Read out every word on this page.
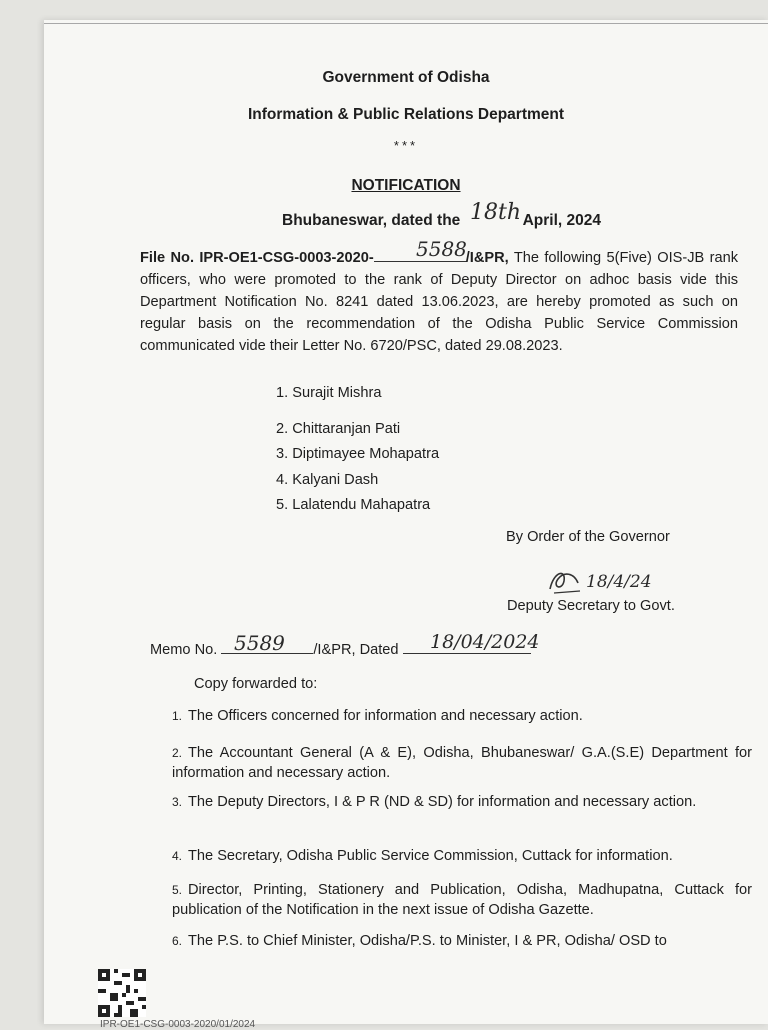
Government of Odisha
Information & Public Relations Department
***
NOTIFICATION
Bhubaneswar, dated the	April, 2024
18th
File No. IPR-OE1-CSG-0003-2020-	/I&PR, The following 5(Five) OIS-JB rank officers, who were promoted to the rank of Deputy Director on adhoc basis vide this Department Notification No. 8241 dated 13.06.2023, are hereby promoted as such on regular basis on the recommendation of the Odisha Public Service Commission communicated vide their Letter No. 6720/PSC, dated 29.08.2023.
5588
1. Surajit Mishra
2. Chittaranjan Pati
3. Diptimayee Mohapatra
4. Kalyani Dash
5. Lalatendu Mahapatra
By Order of the Governor
18/4/24
Deputy Secretary to Govt.
Memo No.	/I&PR, Dated
5589	18/04/2024
Copy forwarded to:
1. The Officers concerned for information and necessary action.
2. The Accountant General (A & E), Odisha, Bhubaneswar/ G.A.(S.E) Department for information and necessary action.
3. The Deputy Directors, I & P R (ND & SD) for information and necessary action.
4. The Secretary, Odisha Public Service Commission, Cuttack for information.
5. Director, Printing, Stationery and Publication, Odisha, Madhupatna, Cuttack for publication of the Notification in the next issue of Odisha Gazette.
6. The P.S. to Chief Minister, Odisha/P.S. to Minister, I & PR, Odisha/ OSD to
IPR-OE1-CSG-0003-2020/01/2024
